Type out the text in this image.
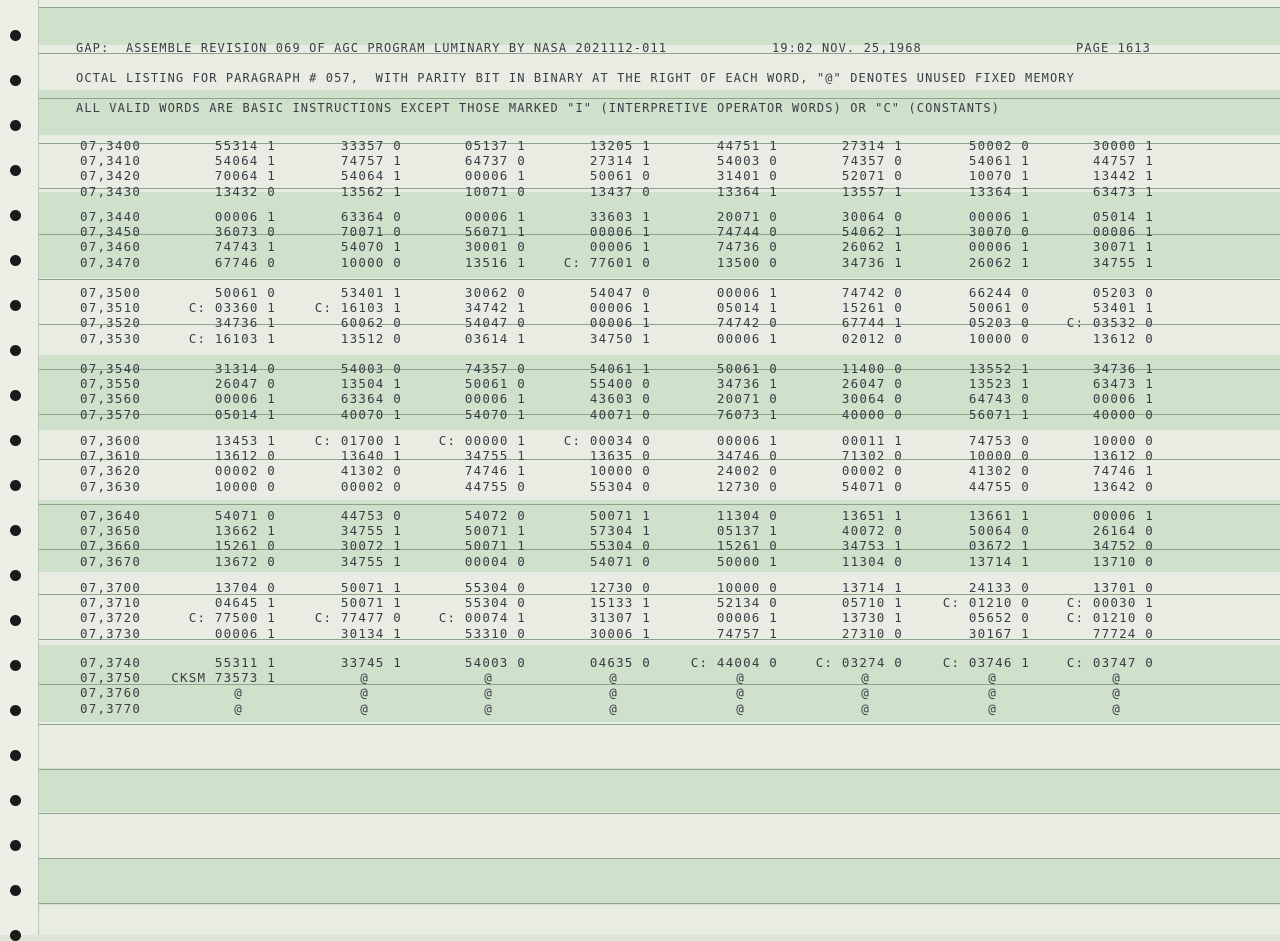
GAP:  ASSEMBLE REVISION 069 OF AGC PROGRAM LUMINARY BY NASA 2021112-011	19:02 NOV. 25,1968	PAGE 1613
OCTAL LISTING FOR PARAGRAPH # 057,  WITH PARITY BIT IN BINARY AT THE RIGHT OF EACH WORD, "@" DENOTES UNUSED FIXED MEMORY
ALL VALID WORDS ARE BASIC INSTRUCTIONS EXCEPT THOSE MARKED "I" (INTERPRETIVE OPERATOR WORDS) OR "C" (CONSTANTS)
07,3400	55314 1	33357 0	05137 1	13205 1	44751 1	27314 1	50002 0	30000 1
07,3410	54064 1	74757 1	64737 0	27314 1	54003 0	74357 0	54061 1	44757 1
07,3420	70064 1	54064 1	00006 1	50061 0	31401 0	52071 0	10070 1	13442 1
07,3430	13432 0	13562 1	10071 0	13437 0	13364 1	13557 1	13364 1	63473 1
07,3440	00006 1	63364 0	00006 1	33603 1	20071 0	30064 0	00006 1	05014 1
07,3450	36073 0	70071 0	56071 1	00006 1	74744 0	54062 1	30070 0	00006 1
07,3460	74743 1	54070 1	30001 0	00006 1	74736 0	26062 1	00006 1	30071 1
07,3470	67746 0	10000 0	13516 1	C: 77601 0	13500 0	34736 1	26062 1	34755 1
07,3500	50061 0	53401 1	30062 0	54047 0	00006 1	74742 0	66244 0	05203 0
07,3510	C: 03360 1	C: 16103 1	34742 1	00006 1	05014 1	15261 0	50061 0	53401 1
07,3520	34736 1	60062 0	54047 0	00006 1	74742 0	67744 1	05203 0	C: 03532 0
07,3530	C: 16103 1	13512 0	03614 1	34750 1	00006 1	02012 0	10000 0	13612 0
07,3540	31314 0	54003 0	74357 0	54061 1	50061 0	11400 0	13552 1	34736 1
07,3550	26047 0	13504 1	50061 0	55400 0	34736 1	26047 0	13523 1	63473 1
07,3560	00006 1	63364 0	00006 1	43603 0	20071 0	30064 0	64743 0	00006 1
07,3570	05014 1	40070 1	54070 1	40071 0	76073 1	40000 0	56071 1	40000 0
07,3600	13453 1	C: 01700 1	C: 00000 1	C: 00034 0	00006 1	00011 1	74753 0	10000 0
07,3610	13612 0	13640 1	34755 1	13635 0	34746 0	71302 0	10000 0	13612 0
07,3620	00002 0	41302 0	74746 1	10000 0	24002 0	00002 0	41302 0	74746 1
07,3630	10000 0	00002 0	44755 0	55304 0	12730 0	54071 0	44755 0	13642 0
07,3640	54071 0	44753 0	54072 0	50071 1	11304 0	13651 1	13661 1	00006 1
07,3650	13662 1	34755 1	50071 1	57304 1	05137 1	40072 0	50064 0	26164 0
07,3660	15261 0	30072 1	50071 1	55304 0	15261 0	34753 1	03672 1	34752 0
07,3670	13672 0	34755 1	00004 0	54071 0	50000 1	11304 0	13714 1	13710 0
07,3700	13704 0	50071 1	55304 0	12730 0	10000 0	13714 1	24133 0	13701 0
07,3710	04645 1	50071 1	55304 0	15133 1	52134 0	05710 1	C: 01210 0	C: 00030 1
07,3720	C: 77500 1	C: 77477 0	C: 00074 1	31307 1	00006 1	13730 1	05652 0	C: 01210 0
07,3730	00006 1	30134 1	53310 0	30006 1	74757 1	27310 0	30167 1	77724 0
07,3740	55311 1	33745 1	54003 0	04635 0	C: 44004 0	C: 03274 0	C: 03746 1	C: 03747 0
07,3750	CKSM 73573 1	@	@	@	@	@	@	@
07,3760	@	@	@	@	@	@	@	@
07,3770	@	@	@	@	@	@	@	@
